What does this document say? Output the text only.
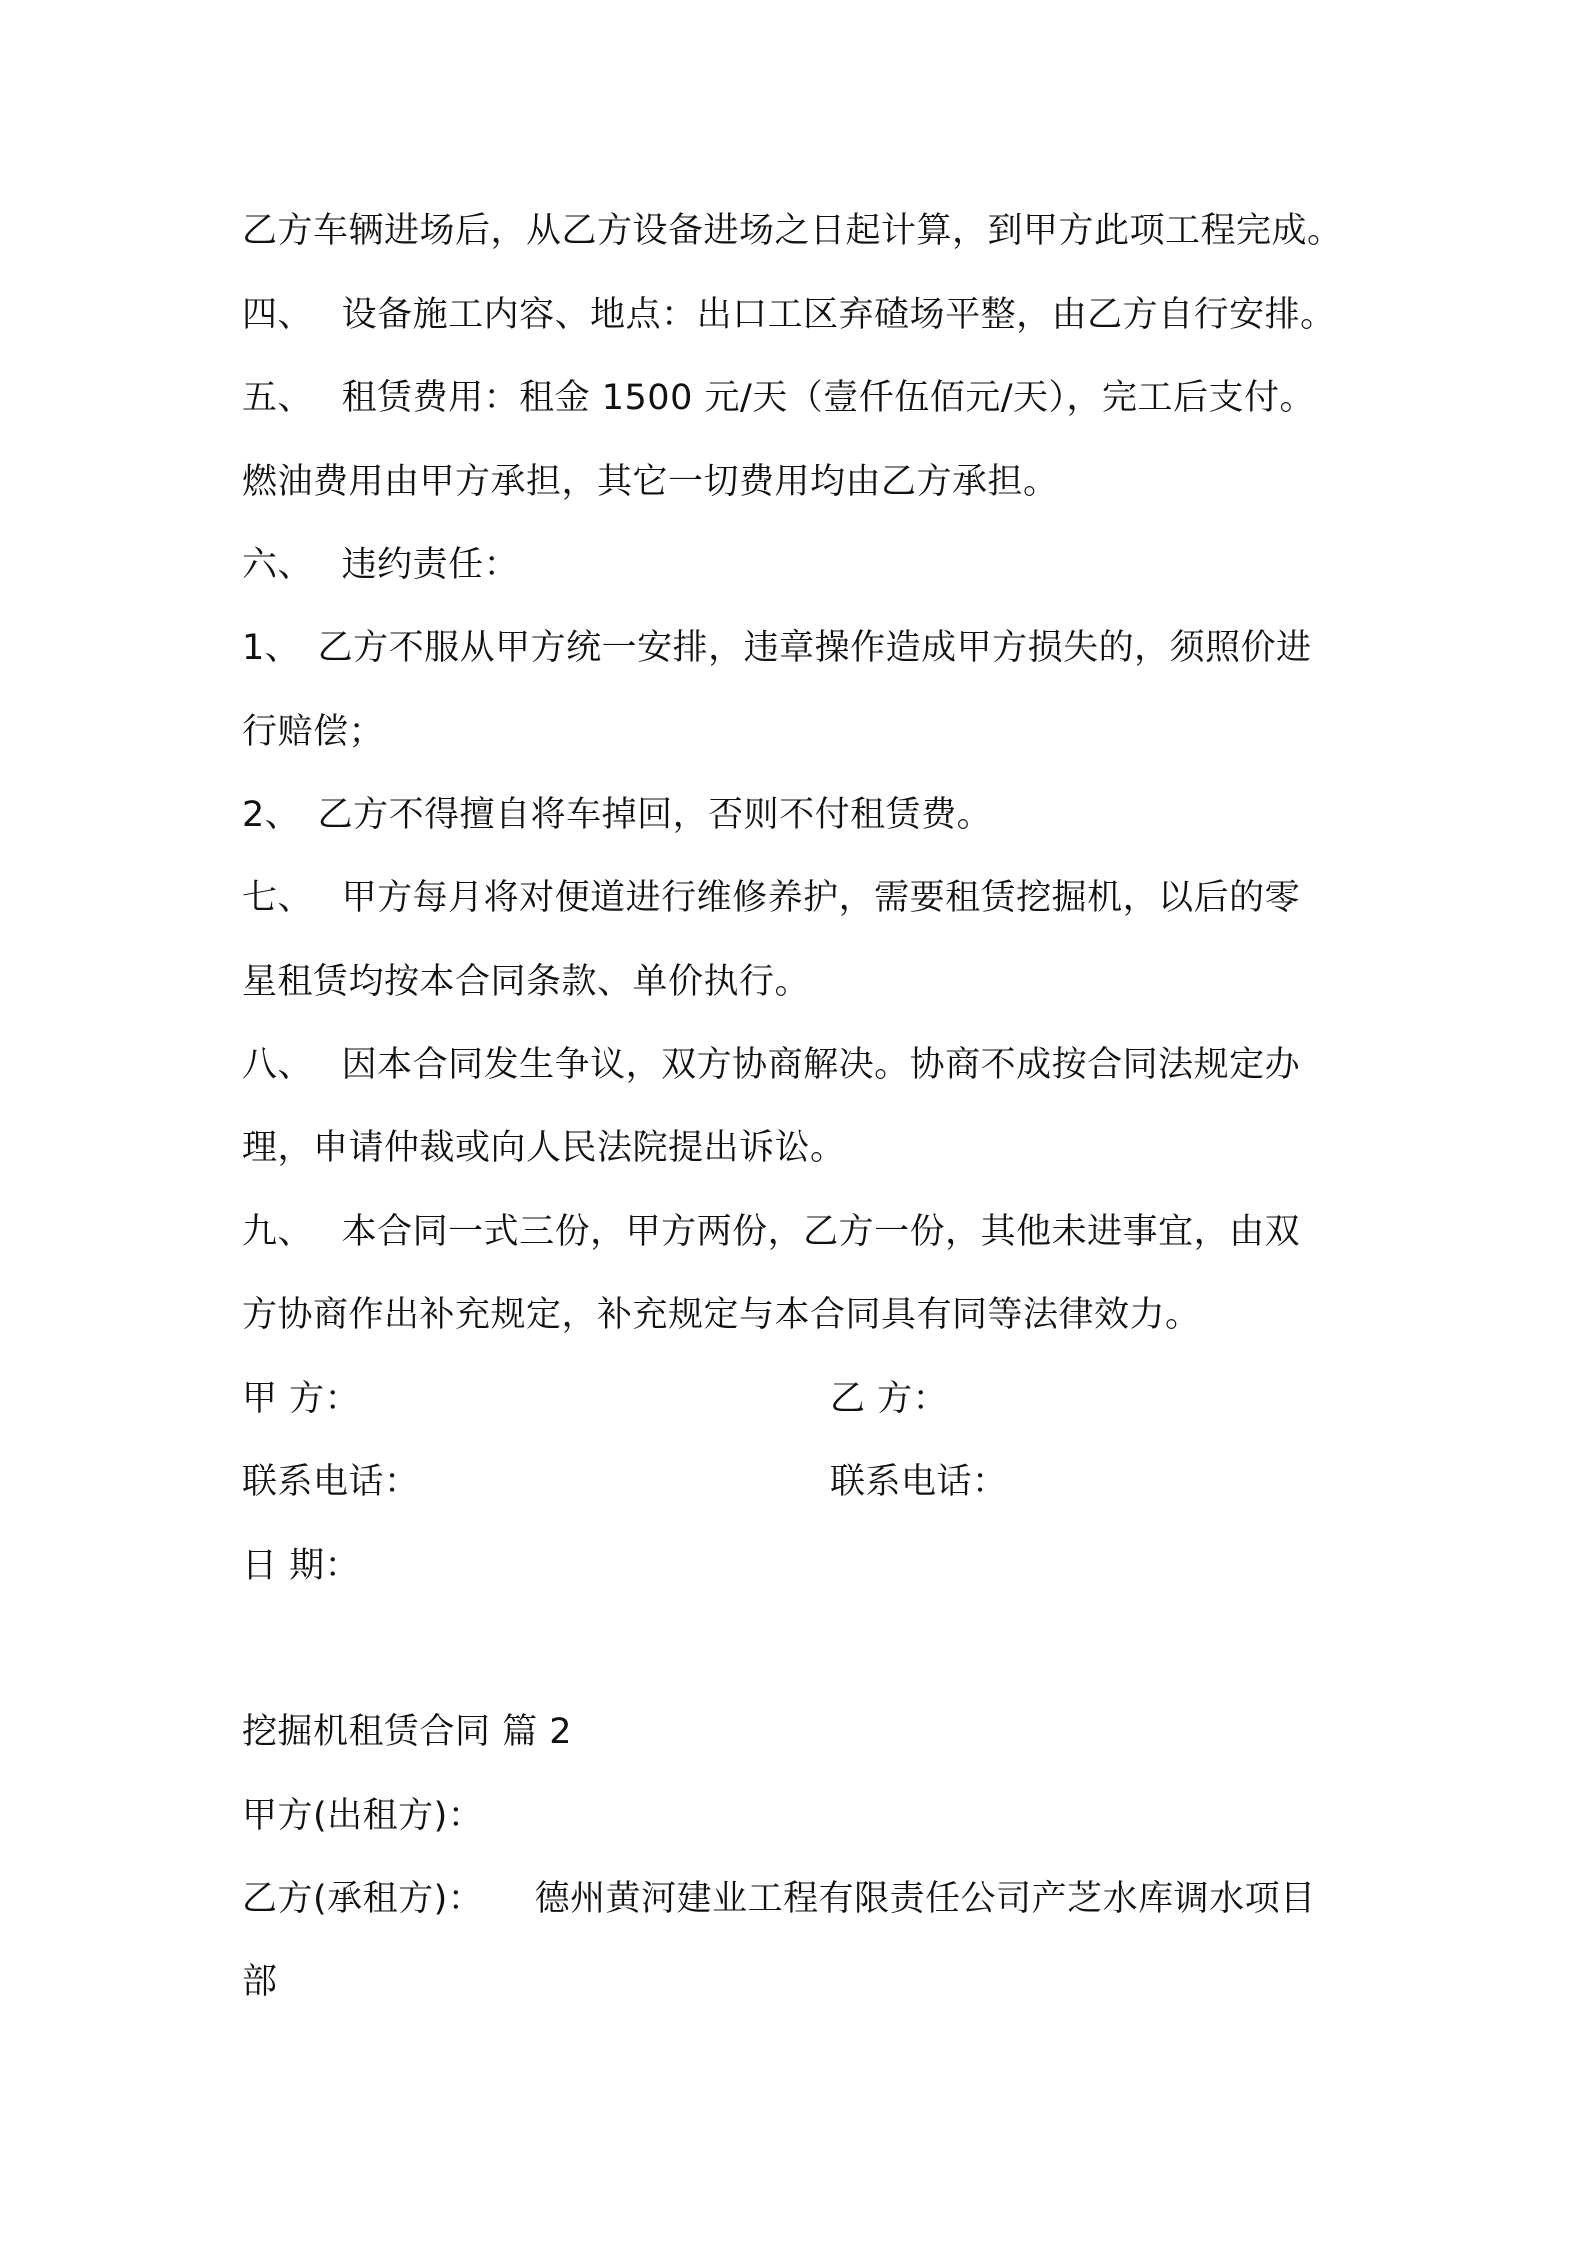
乙方车辆进场后，从乙方设备进场之日起计算，到甲方此项工程完成。
四、 设备施工内容、地点：出口工区弃碴场平整，由乙方自行安排。
五、 租赁费用：租金 1500 元/天（壹仟伍佰元/天），完工后支付。
燃油费用由甲方承担，其它一切费用均由乙方承担。
六、 违约责任：
1、 乙方不服从甲方统一安排，违章操作造成甲方损失的，须照价进
行赔偿；
2、 乙方不得擅自将车掉回，否则不付租赁费。
七、 甲方每月将对便道进行维修养护，需要租赁挖掘机，以后的零
星租赁均按本合同条款、单价执行。
八、 因本合同发生争议，双方协商解决。协商不成按合同法规定办
理，申请仲裁或向人民法院提出诉讼。
九、 本合同一式三份，甲方两份，乙方一份，其他未进事宜，由双
方协商作出补充规定，补充规定与本合同具有同等法律效力。
甲 方：	乙 方：
联系电话：	联系电话：
日 期：
挖掘机租赁合同 篇 2
甲方(出租方)：
乙方(承租方)： 德州黄河建业工程有限责任公司产芝水库调水项目
部
